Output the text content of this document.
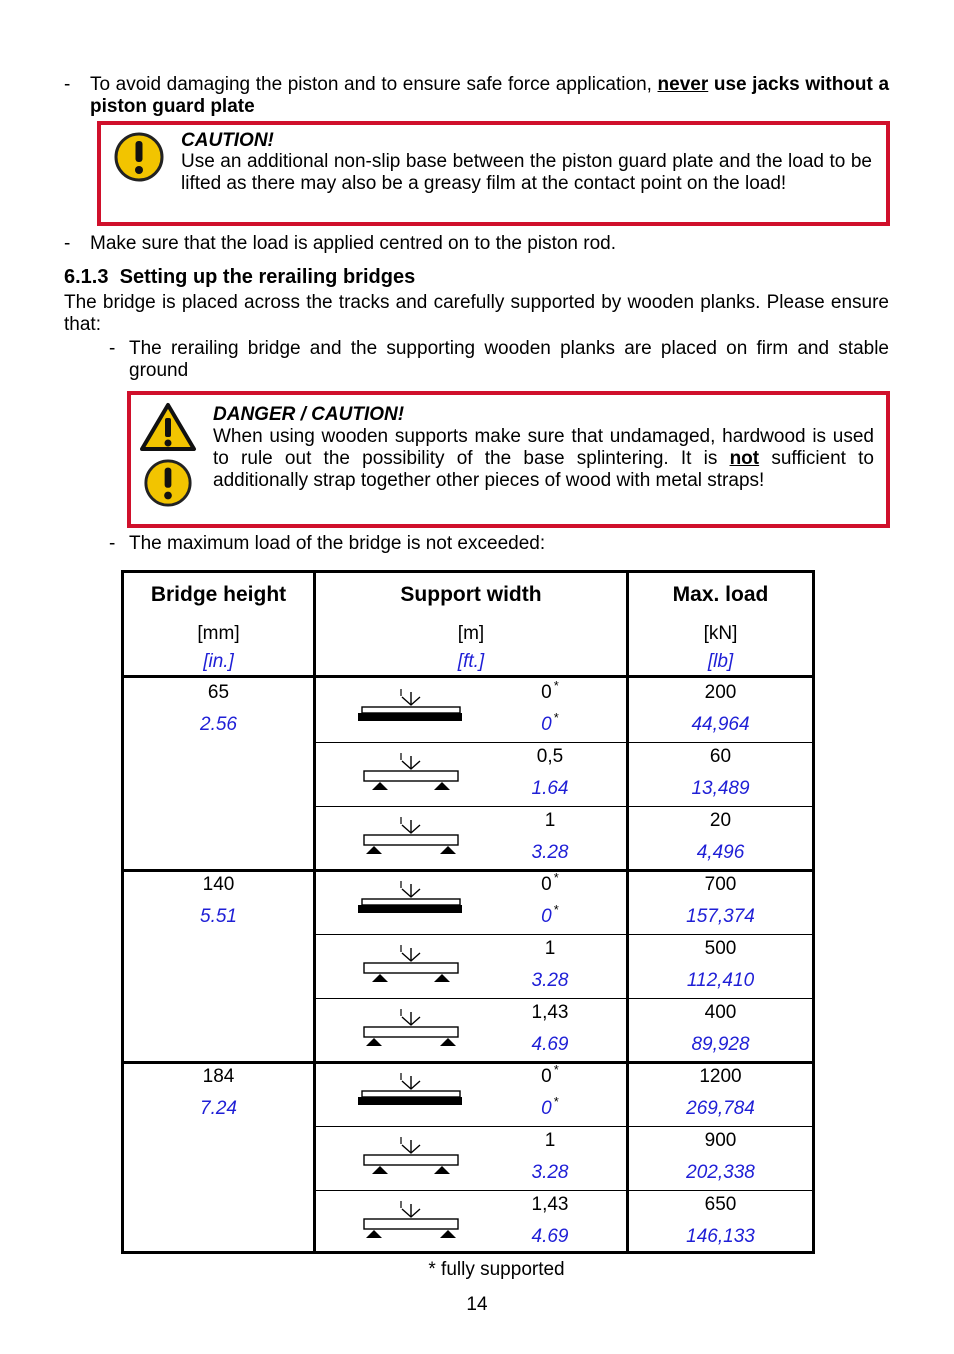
- To avoid damaging the piston and to ensure safe force application, never use jacks without a piston guard plate
CAUTION!
Use an additional non-slip base between the piston guard plate and the load to be lifted as there may also be a greasy film at the contact point on the load!
- Make sure that the load is applied centred on to the piston rod.
6.1.3 Setting up the rerailing bridges
The bridge is placed across the tracks and carefully supported by wooden planks. Please ensure that:
- The rerailing bridge and the supporting wooden planks are placed on firm and stable ground
DANGER / CAUTION!
When using wooden supports make sure that undamaged, hardwood is used to rule out the possibility of the base splintering. It is not sufficient to additionally strap together other pieces of wood with metal straps!
- The maximum load of the bridge is not exceeded:
Bridge height
[mm]
[in.]
Support width
[m]
[ft.]
Max. load
[kN]
[lb]
65
2.56
0 *
0 *
200
44,964
0,5
1.64
60
13,489
1
3.28
20
4,496
140
5.51
0 *
0 *
700
157,374
1
3.28
500
112,410
1,43
4.69
400
89,928
184
7.24
0 *
0 *
1200
269,784
1
3.28
900
202,338
1,43
4.69
650
146,133
* fully supported
14
